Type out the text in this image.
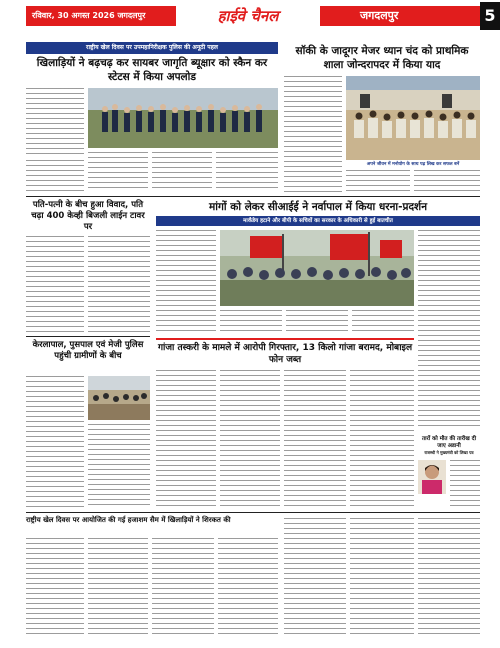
रविवार, 30 अगस्त 2026 जगदलपुर	हाईवे चैनल	जगदलपुर	5
राष्ट्रीय खेल दिवस पर उपमहानिरीक्षक पुलिस की अनूठी पहल
खिलाड़ियों ने बढ़चढ़ कर सायबर जागृति ब्यूक्षार को स्कैन कर स्टेटस में किया अपलोड
सॉकी के जादूगर मेजर ध्यान चंद को प्राथमिक शाला जोन्दरापदर में किया याद
अपने जीवन में मनोयोग के साथ पढ़ लिख कर सफल बनें
पति-पत्नी के बीच हुआ विवाद, पति चढ़ा 400 केव्ही बिजली लाईन टावर पर
मांगों को लेकर सीआईई ने नर्वापाल में किया धरना-प्रदर्शन
मार्कंडेय हटाने और बीपी के सचिवों का सरकार के अधिकारी से हुई बातचीत
केरलापाल, पुसपाल एवं मेजी पुलिस पहुंची ग्रामीणों के बीच
गांजा तस्करी के मामले में आरोपी गिरफ्तार, 13 किलो गांजा बरामद, मोबाइल फोन जब्त
तारों को मौत की तारीख दी जाए अडानी
राजस्थी ने मुख्यमंत्री को लिखा पत्र
राष्ट्रीय खेल दिवस पर आयोजित की गई हजाशम सैम में खिलाड़ियों ने शिरकत की
